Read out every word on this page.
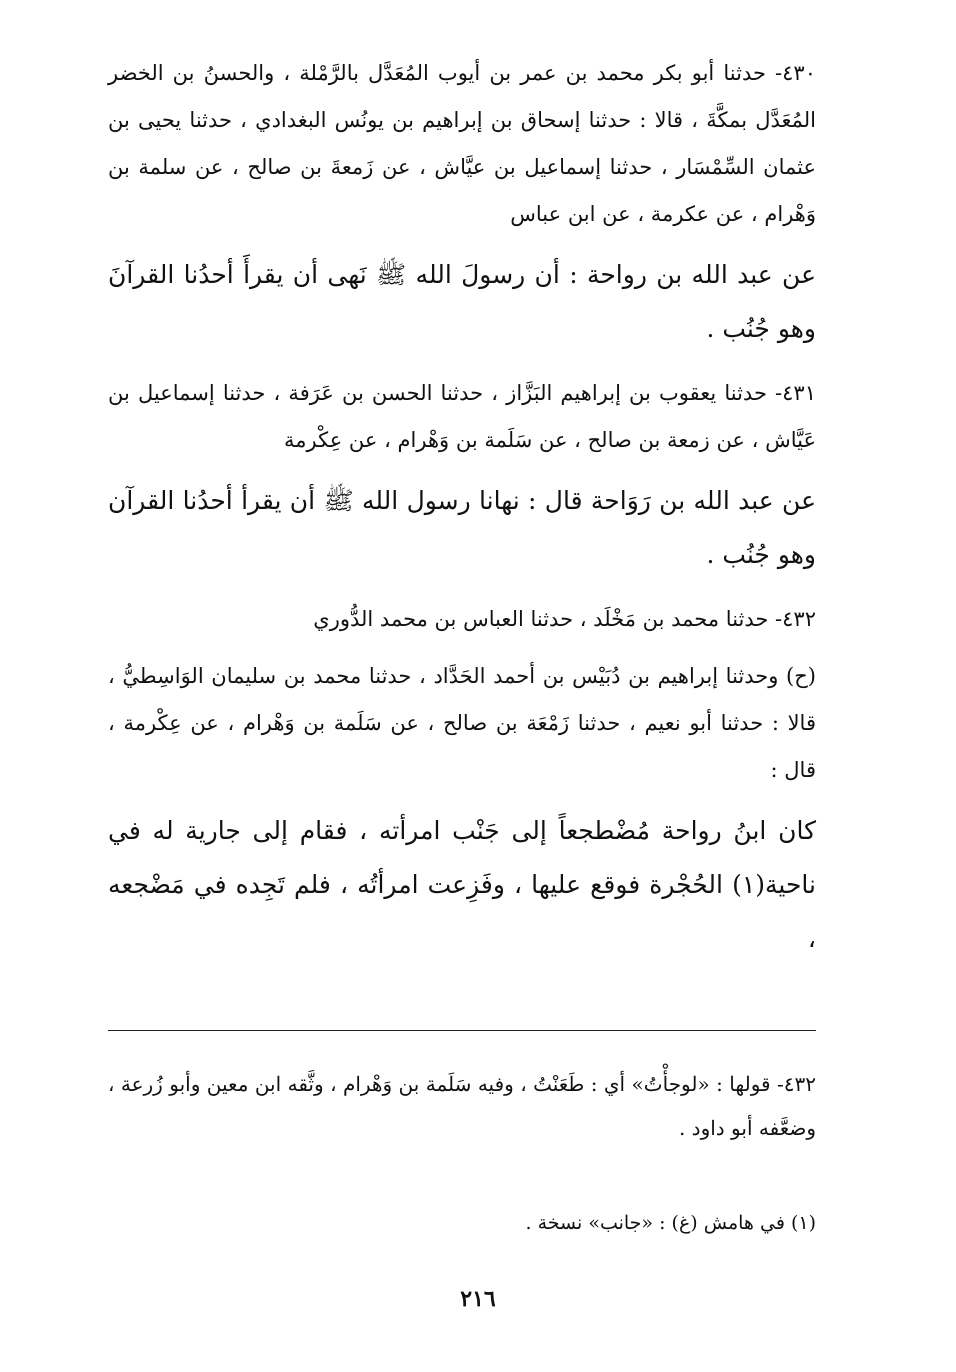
٤٣٠- حدثنا أبو بكر محمد بن عمر بن أيوب المُعَدَّل بالرَّمْلة ، والحسنُ بن الخضر المُعَدَّل بمكَّةَ ، قالا : حدثنا إسحاق بن إبراهيم بن يونُس البغدادي ، حدثنا يحيى بن عثمان السِّمْسَار ، حدثنا إسماعيل بن عيَّاش ، عن زَمعةَ بن صالح ، عن سلمة بن وَهْرام ، عن عكرمة ، عن ابن عباس

عن عبد الله بن رواحة : أن رسولَ الله ﷺ نَهى أن يقرأَ أحدُنا القرآنَ وهو جُنُب .

٤٣١- حدثنا يعقوب بن إبراهيم البَزَّاز ، حدثنا الحسن بن عَرَفة ، حدثنا إسماعيل بن عَيَّاش ، عن زمعة بن صالح ، عن سَلَمة بن وَهْرام ، عن عِكْرمة

عن عبد الله بن رَوَاحة قال : نهانا رسول الله ﷺ أن يقرأ أحدُنا القرآن وهو جُنُب .

٤٣٢- حدثنا محمد بن مَخْلَد ، حدثنا العباس بن محمد الدُّوري

(ح) وحدثنا إبراهيم بن دُبَيْس بن أحمد الحَدَّاد ، حدثنا محمد بن سليمان الوَاسِطيُّ ، قالا : حدثنا أبو نعيم ، حدثنا زَمْعَة بن صالح ، عن سَلَمة بن وَهْرام ، عن عِكْرمة ، قال :

كان ابنُ رواحة مُضْطجعاً إلى جَنْب امرأته ، فقام إلى جارية له في ناحية(١) الحُجْرة فوقع عليها ، وفَزِعت امرأتُه ، فلم تَجِده في مَضْجعه ،

٤٣٢- قولها : «لوجأْتُ» أي : طَعَنْتُ ، وفيه سَلَمة بن وَهْرام ، وثَّقه ابن معين وأبو زُرعة ، وضعَّفه أبو داود .

(١) في هامش (غ) : «جانب» نسخة .

٢١٦
